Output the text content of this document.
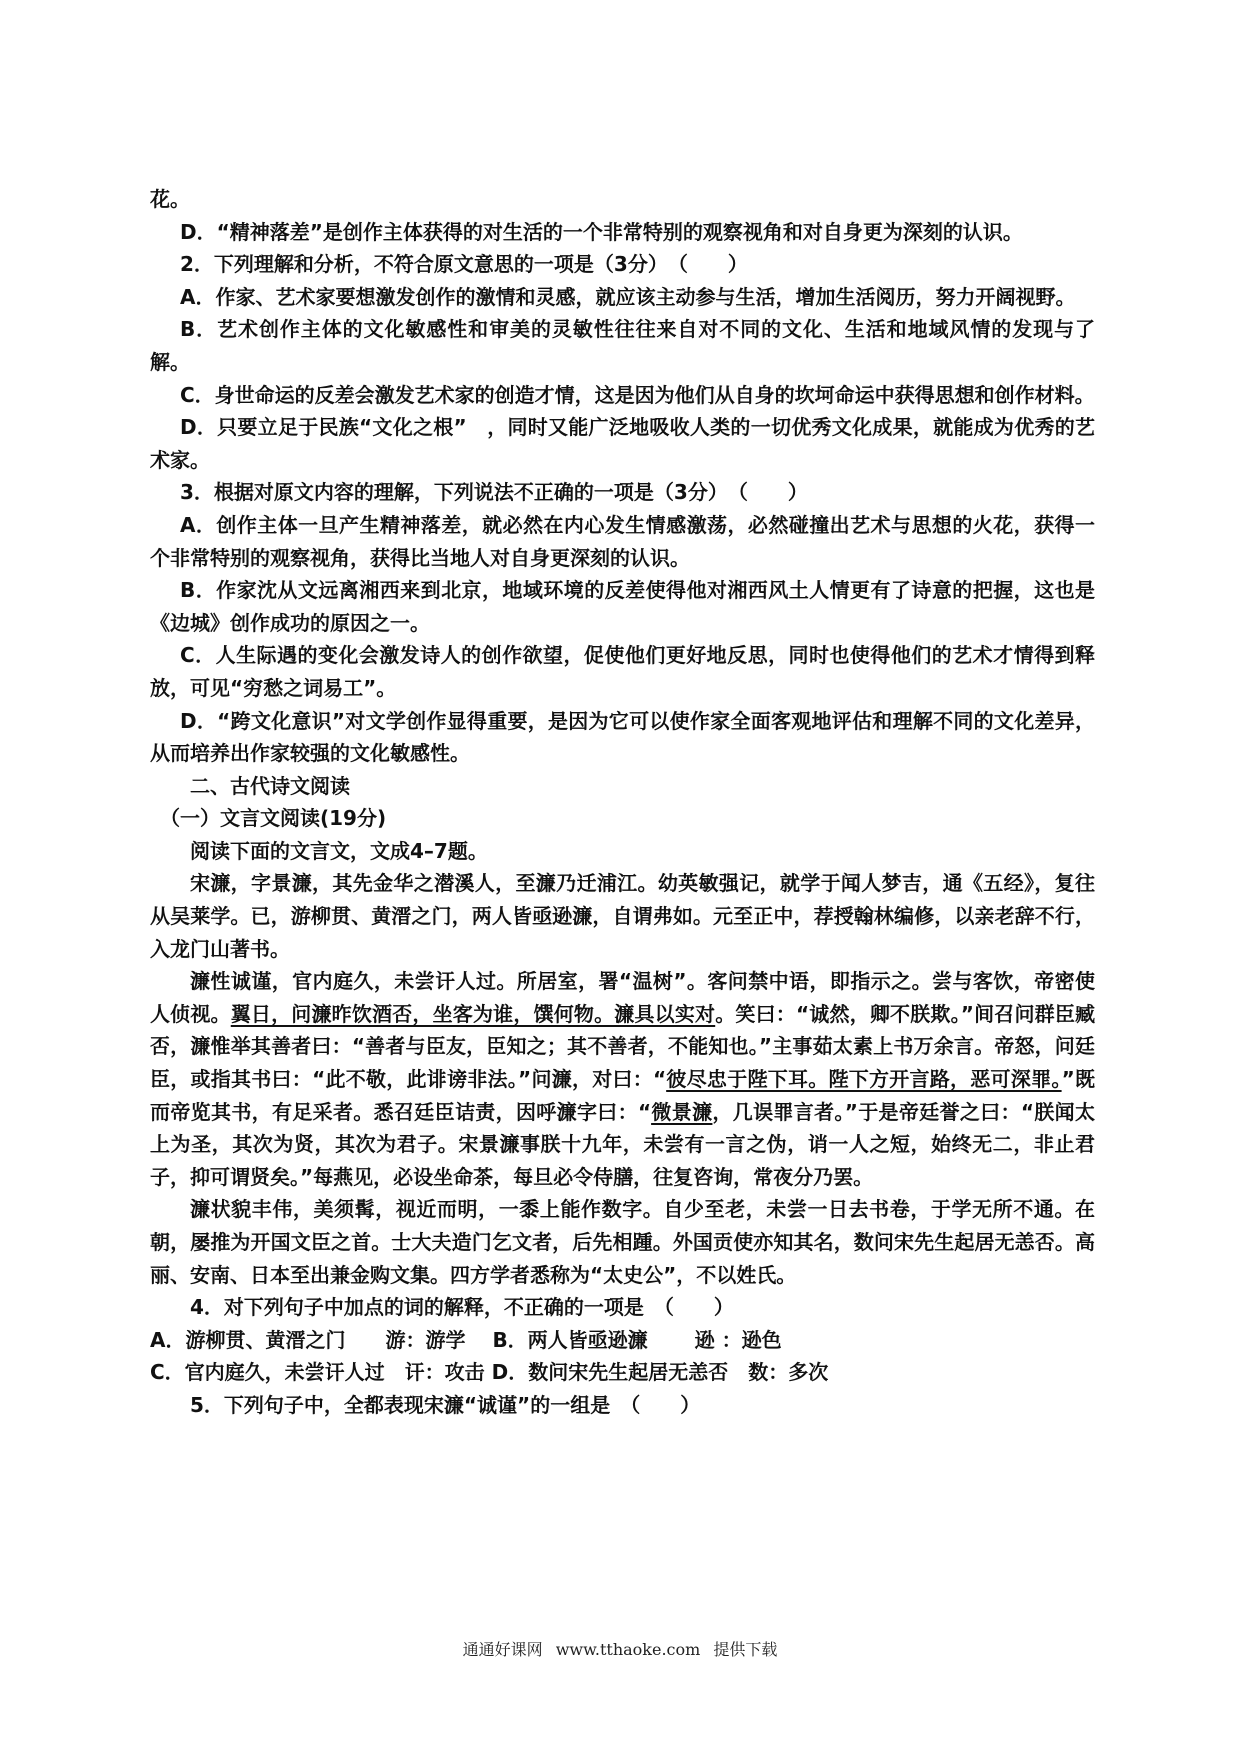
花。

D．“精神落差”是创作主体获得的对生活的一个非常特别的观察视角和对自身更为深刻的认识。

2．下列理解和分析，不符合原文意思的一项是（3分）　（　　）

A．作家、艺术家要想激发创作的激情和灵感，就应该主动参与生活，增加生活阅历，努力开阔视野。

B．艺术创作主体的文化敏感性和审美的灵敏性往往来自对不同的文化、生活和地域风情的发现与了解。

C．身世命运的反差会激发艺术家的创造才情，这是因为他们从自身的坎坷命运中获得思想和创作材料。

D．只要立足于民族“文化之根”　，同时又能广泛地吸收人类的一切优秀文化成果，就能成为优秀的艺术家。

3．根据对原文内容的理解，下列说法不正确的一项是（3分）　（　　）

A．创作主体一旦产生精神落差，就必然在内心发生情感激荡，必然碰撞出艺术与思想的火花，获得一个非常特别的观察视角，获得比当地人对自身更深刻的认识。

B．作家沈从文远离湘西来到北京，地域环境的反差使得他对湘西风土人情更有了诗意的把握，这也是《边城》创作成功的原因之一。

C．人生际遇的变化会激发诗人的创作欲望，促使他们更好地反思，同时也使得他们的艺术才情得到释放，可见“穷愁之词易工”。

D．“跨文化意识”对文学创作显得重要，是因为它可以使作家全面客观地评估和理解不同的文化差异，从而培养出作家较强的文化敏感性。

二、古代诗文阅读

（一）文言文阅读(19分)

阅读下面的文言文，文成4–7题。

宋濂，字景濂，其先金华之潜溪人，至濂乃迁浦江。幼英敏强记，就学于闻人梦吉，通《五经》，复往从吴莱学。已，游柳贯、黄溍之门，两人皆亟逊濂，自谓弗如。元至正中，荐授翰林编修，以亲老辞不行，入龙门山著书。

濂性诚谨，官内庭久，未尝讦人过。所居室，署“温树”。客问禁中语，即指示之。尝与客饮，帝密使人侦视。翼日，问濂昨饮酒否，坐客为谁，馔何物。濂具以实对。笑曰：“诚然，卿不朕欺。”间召问群臣臧否，濂惟举其善者曰：“善者与臣友，臣知之；其不善者，不能知也。”主事茹太素上书万余言。帝怒，问廷臣，或指其书曰：“此不敬，此诽谤非法。”问濂，对曰：“彼尽忠于陛下耳。陛下方开言路，恶可深罪。”既而帝览其书，有足采者。悉召廷臣诘责，因呼濂字曰：“微景濂，几误罪言者。”于是帝廷誉之曰：“朕闻太上为圣，其次为贤，其次为君子。宋景濂事朕十九年，未尝有一言之伪，诮一人之短，始终无二，非止君子，抑可谓贤矣。”每燕见，必设坐命茶，每旦必令侍膳，往复咨询，常夜分乃罢。

濂状貌丰伟，美须髯，视近而明，一黍上能作数字。自少至老，未尝一日去书卷，于学无所不通。在朝，屡推为开国文臣之首。士大夫造门乞文者，后先相踵。外国贡使亦知其名，数问宋先生起居无恙否。高丽、安南、日本至出兼金购文集。四方学者悉称为“太史公”，不以姓氏。

4．对下列句子中加点的词的解释，不正确的一项是　（　　）

A．游柳贯、黄溍之门　　游：游学　 B．两人皆亟逊濂　　 逊 ：逊色

C．官内庭久，未尝讦人过　讦：攻击 D．数问宋先生起居无恙否　数：多次

5．下列句子中，全都表现宋濂“诚谨”的一组是　（　　）

通通好课网 www.tthaoke.com 提供下载
